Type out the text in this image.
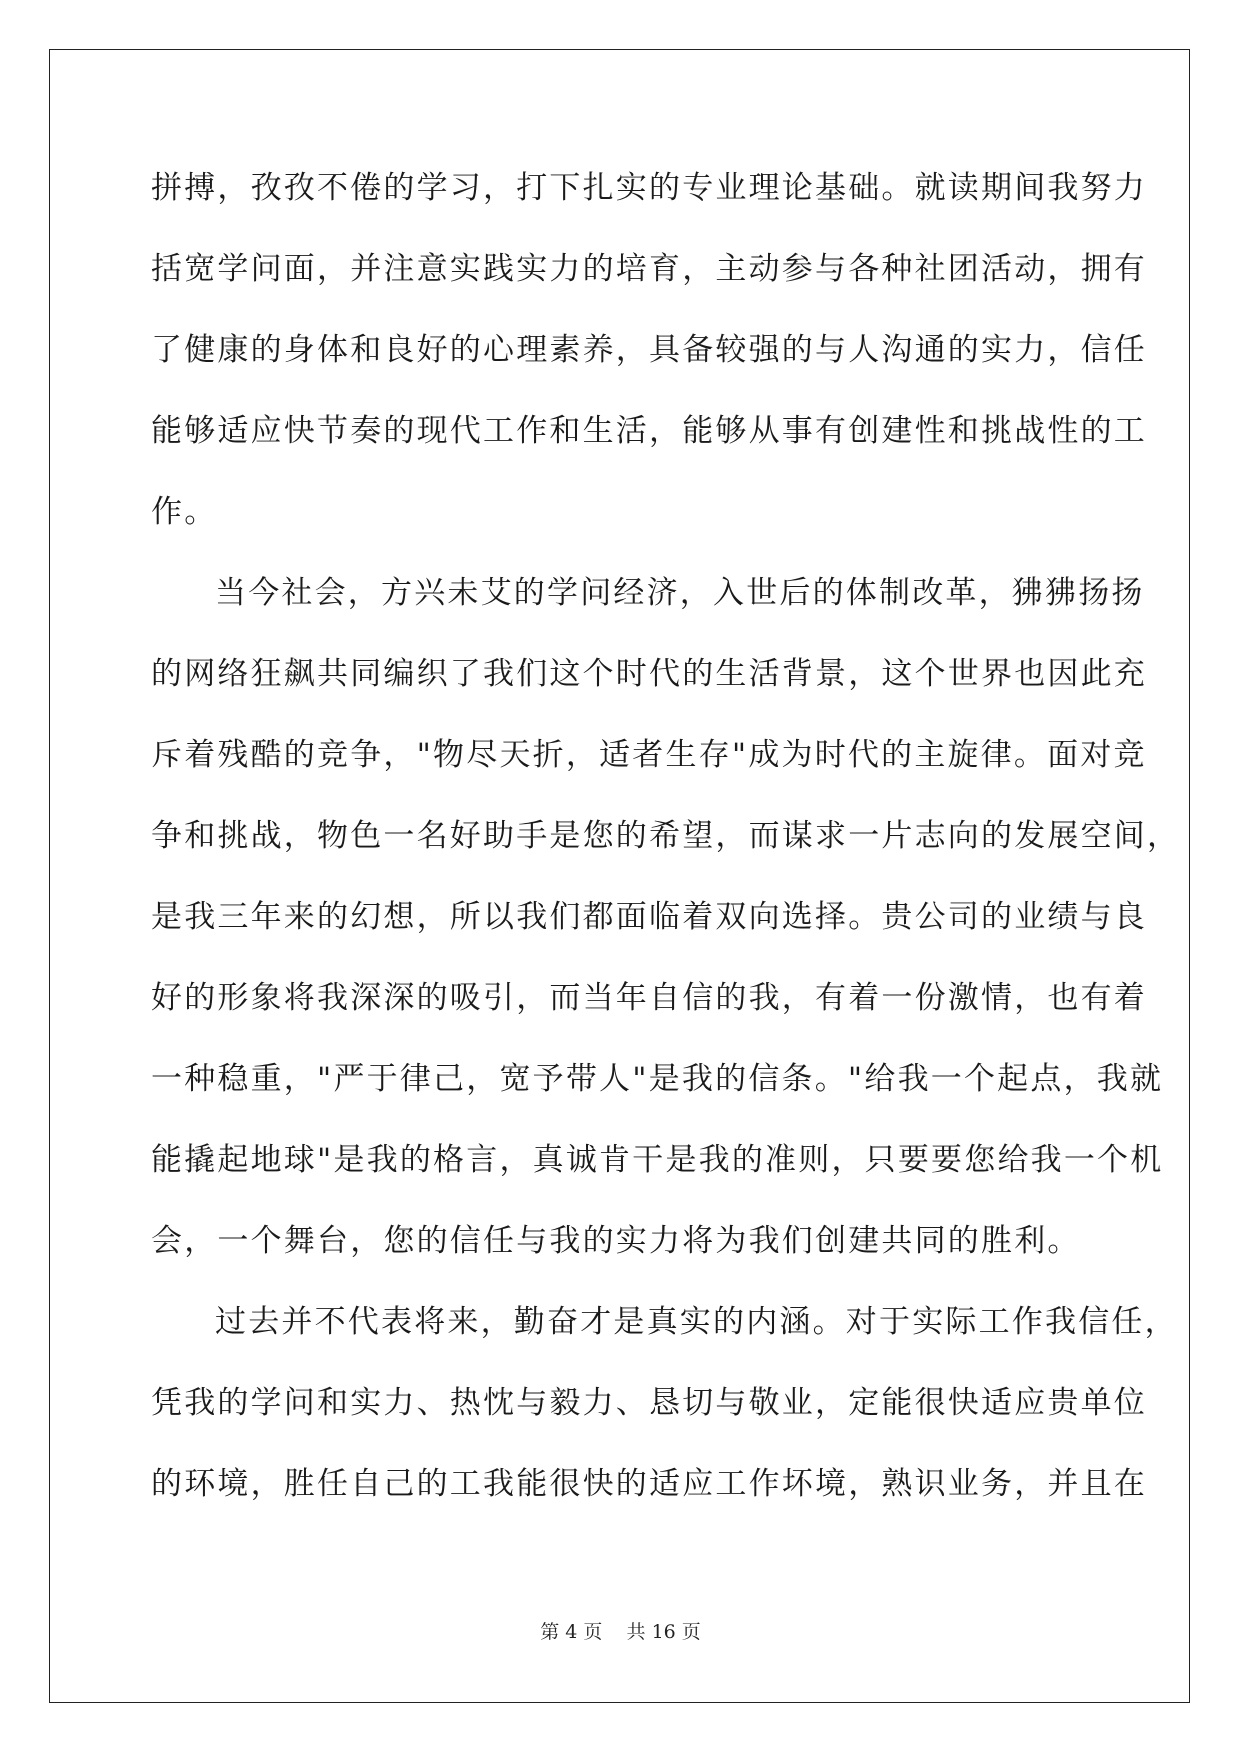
拼搏，孜孜不倦的学习，打下扎实的专业理论基础。就读期间我努力
括宽学问面，并注意实践实力的培育，主动参与各种社团活动，拥有
了健康的身体和良好的心理素养，具备较强的与人沟通的实力，信任
能够适应快节奏的现代工作和生活，能够从事有创建性和挑战性的工
作。
当今社会，方兴未艾的学问经济，入世后的体制改革，狒狒扬扬
的网络狂飙共同编织了我们这个时代的生活背景，这个世界也因此充
斥着残酷的竞争，"物尽天折，适者生存"成为时代的主旋律。面对竞
争和挑战，物色一名好助手是您的希望，而谋求一片志向的发展空间，
是我三年来的幻想，所以我们都面临着双向选择。贵公司的业绩与良
好的形象将我深深的吸引，而当年自信的我，有着一份激情，也有着
一种稳重，"严于律己，宽予带人"是我的信条。"给我一个起点，我就
能撬起地球"是我的格言，真诚肯干是我的准则，只要要您给我一个机
会，一个舞台，您的信任与我的实力将为我们创建共同的胜利。
过去并不代表将来，勤奋才是真实的内涵。对于实际工作我信任，
凭我的学问和实力、热忱与毅力、恳切与敬业，定能很快适应贵单位
的环境，胜任自己的工我能很快的适应工作坏境，熟识业务，并且在
第 4 页    共 16 页
